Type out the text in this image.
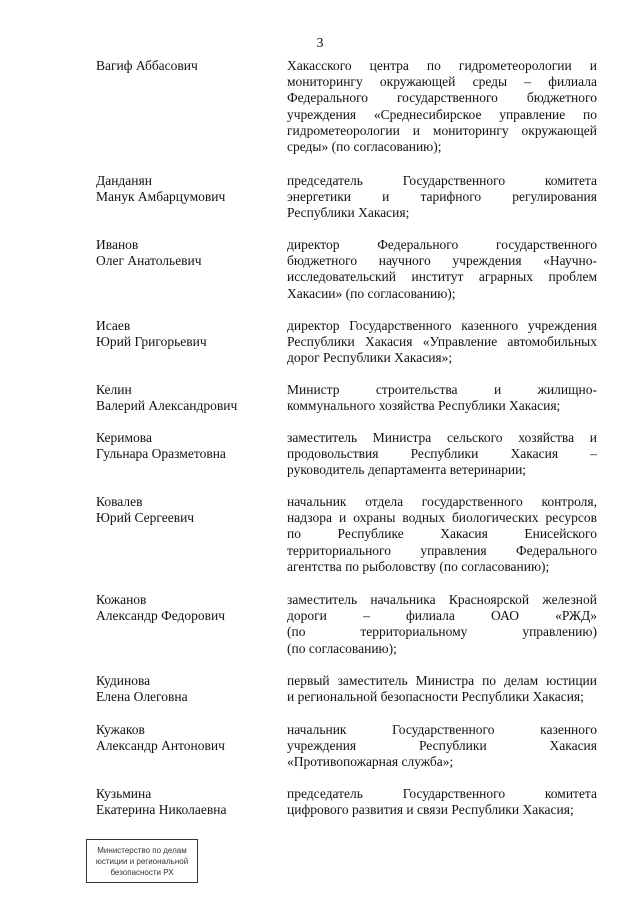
3
Вагиф Аббасович	Хакасского центра по гидрометеорологии и
мониторингу окружающей среды – филиала
Федерального государственного бюджетного
учреждения «Среднесибирское управление по
гидрометеорологии и мониторингу окружающей
среды» (по согласованию);
Данданян
Манук Амбарцумович
председатель Государственного комитета
энергетики и тарифного регулирования
Республики Хакасия;
Иванов
Олег Анатольевич
директор Федерального государственного
бюджетного научного учреждения «Научно-
исследовательский институт аграрных проблем
Хакасии» (по согласованию);
Исаев
Юрий Григорьевич
директор Государственного казенного учреждения
Республики Хакасия «Управление автомобильных
дорог Республики Хакасия»;
Келин
Валерий Александрович
Министр строительства и жилищно-
коммунального хозяйства Республики Хакасия;
Керимова
Гульнара Оразметовна
заместитель Министра сельского хозяйства и
продовольствия Республики Хакасия –
руководитель департамента ветеринарии;
Ковалев
Юрий Сергеевич
начальник отдела государственного контроля,
надзора и охраны водных биологических ресурсов
по Республике Хакасия Енисейского
территориального управления Федерального
агентства по рыболовству (по согласованию);
Кожанов
Александр Федорович
заместитель начальника Красноярской железной
дороги – филиала ОАО «РЖД»
(по территориальному управлению)
(по согласованию);
Кудинова
Елена Олеговна
первый заместитель Министра по делам юстиции
и региональной безопасности Республики Хакасия;
Кужаков
Александр Антонович
начальник Государственного казенного
учреждения Республики Хакасия
«Противопожарная служба»;
Кузьмина
Екатерина Николаевна
председатель Государственного комитета
цифрового развития и связи Республики Хакасия;
Министерство по делам
юстиции и региональной
безопасности РХ
